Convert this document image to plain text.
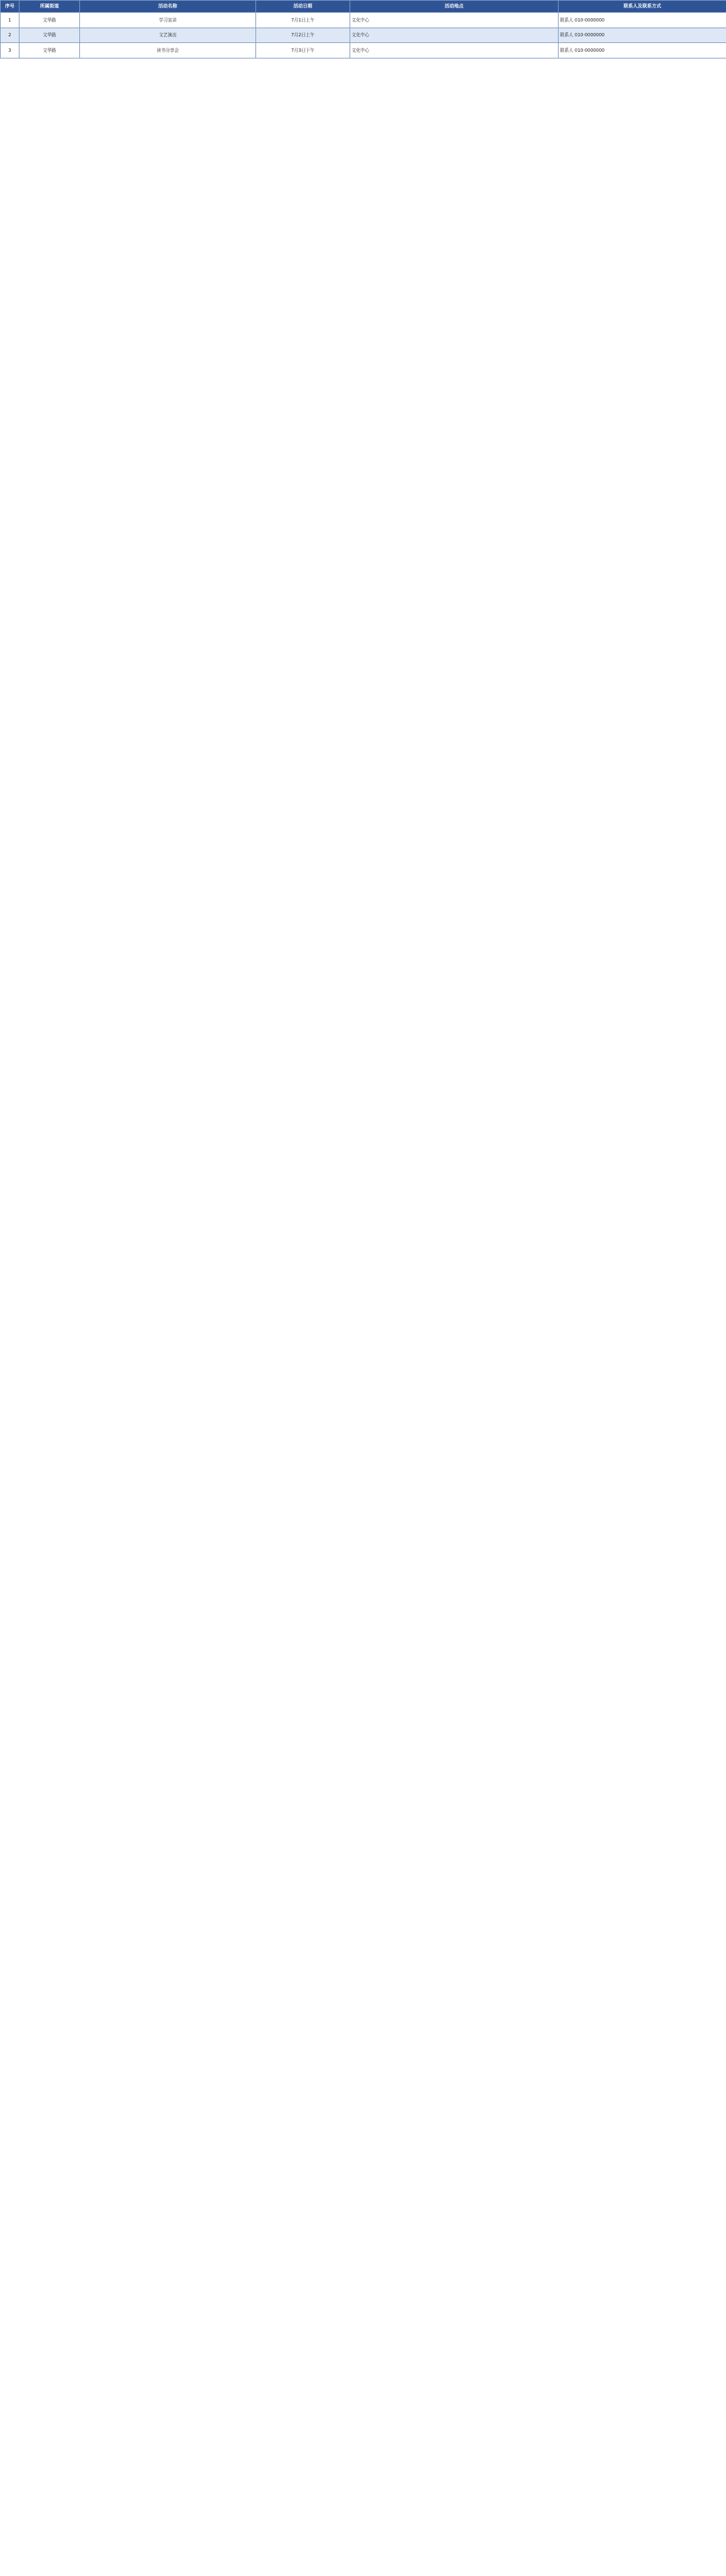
序号	所属街道	活动名称	活动日期	活动地点	联系人及联系方式
1	文华路	学习宣讲	7月1日上午	文化中心	联系人 010-0000000
2	文华路	文艺演出	7月2日上午	文化中心	联系人 010-0000000
3	文华路	读书分享会	7月3日下午	文化中心	联系人 010-0000000
